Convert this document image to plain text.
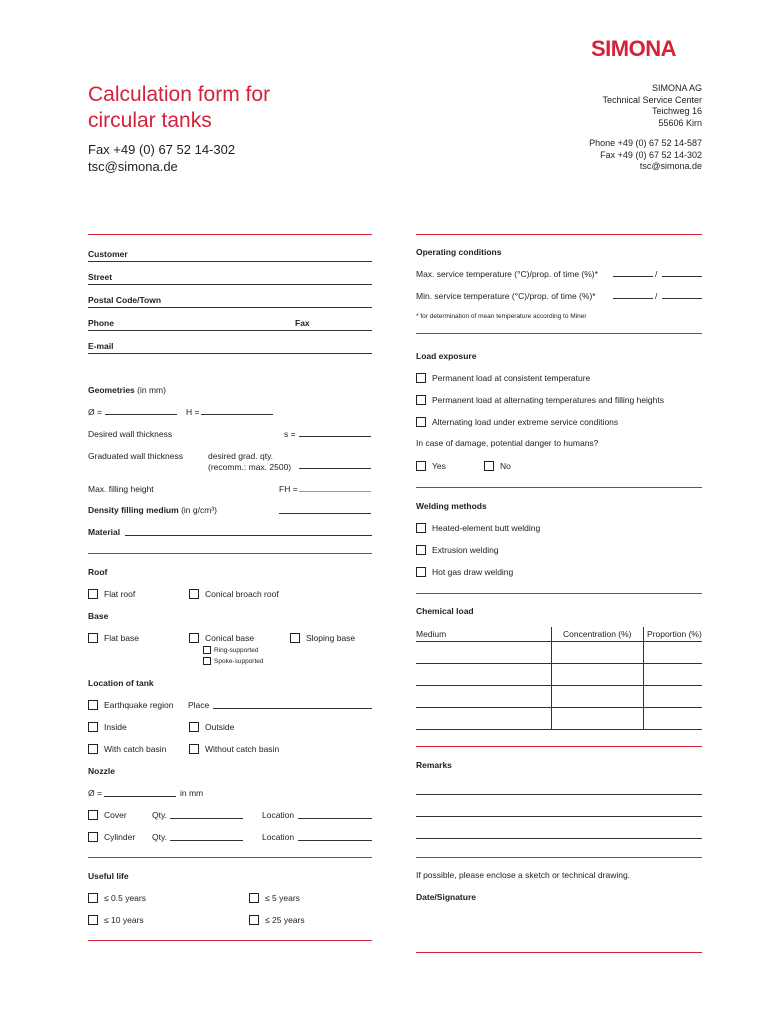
SIMONA
Calculation form for
circular tanks
Fax +49 (0) 67 52 14-302
tsc@simona.de
SIMONA AG
Technical Service Center
Teichweg 16
55606 Kirn
Phone +49 (0) 67 52 14-587
Fax +49 (0) 67 52 14-302
tsc@simona.de
Customer
Street
Postal Code/Town
Phone	Fax
E-mail
Geometries (in mm)
Ø =	H =
Desired wall thickness	s =
Graduated wall thickness	desired grad. qty.
(recomm.: max. 2500)
Max. filling height	FH =
Density filling medium (in g/cm³)
Material
Roof
Flat roof	Conical broach roof
Base
Flat base	Conical base	Sloping base
Ring-supported
Spoke-supported
Location of tank
Earthquake region Place
Inside	Outside
With catch basin	Without catch basin
Nozzle
Ø =	in mm
Cover	Qty.	Location
Cylinder Qty.	Location
Useful life
≤ 0.5 years	≤ 5 years
≤ 10 years	≤ 25 years
Operating conditions
Max. service temperature (°C)/prop. of time (%)*	/
Min. service temperature (°C)/prop. of time (%)*	/
* for determination of mean temperature according to Miner
Load exposure
Permanent load at consistent temperature
Permanent load at alternating temperatures and filling heights
Alternating load under extreme service conditions
In case of damage, potential danger to humans?
Yes	No
Welding methods
Heated-element butt welding
Extrusion welding
Hot gas draw welding
Chemical load
Medium	Concentration (%) Proportion (%)
Remarks
If possible, please enclose a sketch or technical drawing.
Date/Signature
